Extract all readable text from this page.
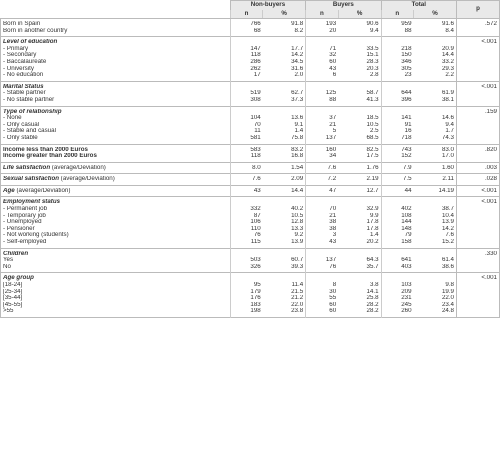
	Non-buyers		Buyers		Total		p
	n	%	n	%	n	%	

Born in Spain	766	91.8	193	90.6	959	91.6	.572
Born in another country	68	8.2	20	9.4	88	8.4	

Level of education							<.001
- Primary	147	17.7	71	33.5	218	20.9	
- Secondary	118	14.2	32	15.1	150	14.4	
- Baccalaureate	286	34.5	60	28.3	346	33.2	
- University	262	31.6	43	20.3	305	29.3	
- No education	17	2.0	6	2.8	23	2.2	

Marital Status							<.001
- Stable partner	519	62.7	125	58.7	644	61.9	
- No stable partner	308	37.3	88	41.3	396	38.1	

Type of relationship							.159
- None	104	13.6	37	18.5	141	14.6	
- Only casual	70	9.1	21	10.5	91	9.4	
- Stable and casual	11	1.4	5	2.5	16	1.7	
- Only stable	581	75.8	137	68.5	718	74.3	

Income less than 2000 Euros	583	83.2	160	82.5	743	83.0	.820
Income greater than 2000 Euros	118	16.8	34	17.5	152	17.0	

Life satisfaction (average/Deviation)	8.0	1.54	7.6	1.76	7.9	1.60	.003

Sexual satisfaction (average/Deviation)	7.6	2.09	7.2	2.19	7.5	2.11	.028

Age (average/Deviation)	43	14.4	47	12.7	44	14.19	<.001

Employment status							<.001
- Permanent job	332	40.2	70	32.9	402	38.7	
- Temporary job	87	10.5	21	9.9	108	10.4	
- Unemployed	106	12.8	38	17.8	144	13.9	
- Pensioner	110	13.3	38	17.8	148	14.2	
- Not working (students)	76	9.2	3	1.4	79	7.6	
- Self-employed	115	13.9	43	20.2	158	15.2	

Children							.330
Yes	503	60.7	137	64.3	641	61.4	
No	326	39.3	76	35.7	403	38.6	

Age group							<.001
[18-24]	95	11.4	8	3.8	103	9.8	
[25-34]	179	21.5	30	14.1	209	19.9	
[35-44]	176	21.2	55	25.8	231	22.0	
[45-55]	183	22.0	60	28.2	245	23.4	
>55	198	23.8	60	28.2	260	24.8	
